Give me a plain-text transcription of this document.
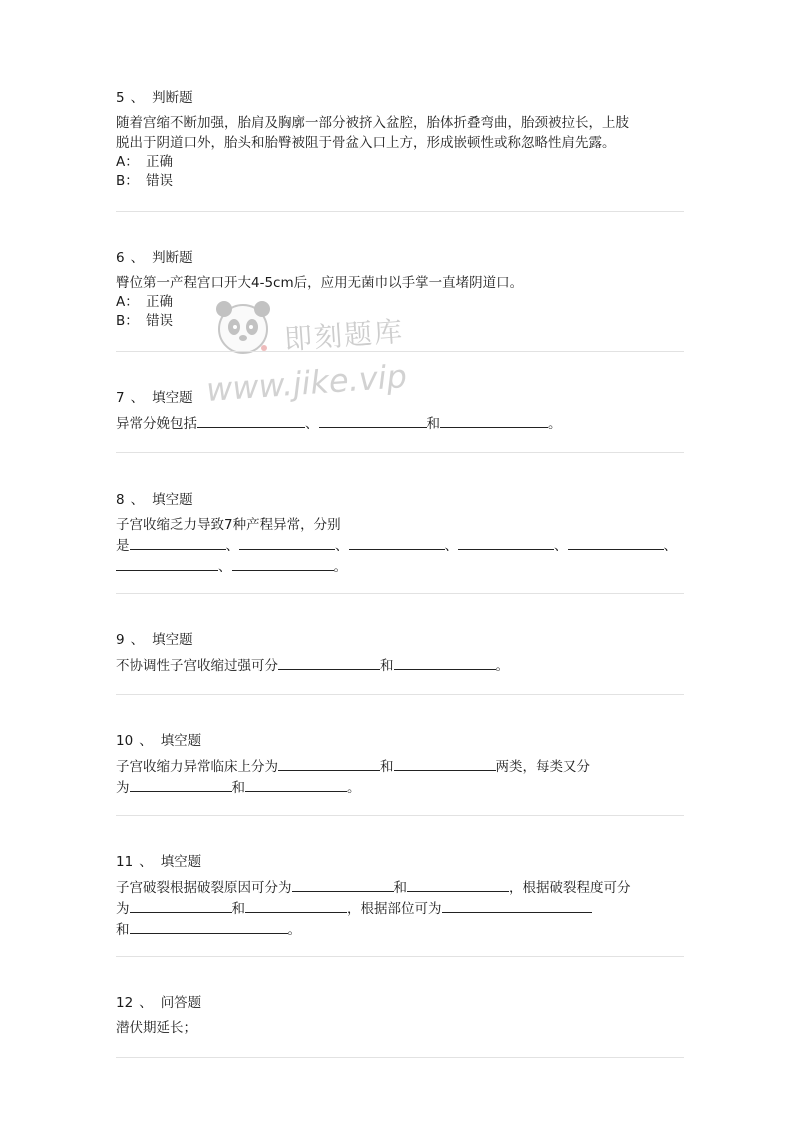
即刻题库
www.jike.vip
5 、 判断题
随着宫缩不断加强，胎肩及胸廓一部分被挤入盆腔，胎体折叠弯曲，胎颈被拉长，上肢
脱出于阴道口外，胎头和胎臀被阻于骨盆入口上方，形成嵌顿性或称忽略性肩先露。
A： 正确
B： 错误
6 、 判断题
臀位第一产程宫口开大4-5cm后，应用无菌巾以手掌一直堵阴道口。
A： 正确
B： 错误
7 、 填空题
异常分娩包括	、	和	。
8 、 填空题
子宫收缩乏力导致7种产程异常，分别
是	、	、	、	、	、
、	。
9 、 填空题
不协调性子宫收缩过强可分	和	。
10 、 填空题
子宫收缩力异常临床上分为	和	两类，每类又分
为	和	。
11 、 填空题
子宫破裂根据破裂原因可分为	和	，根据破裂程度可分
为	和	，根据部位可为
和	。
12 、 问答题
潜伏期延长；
